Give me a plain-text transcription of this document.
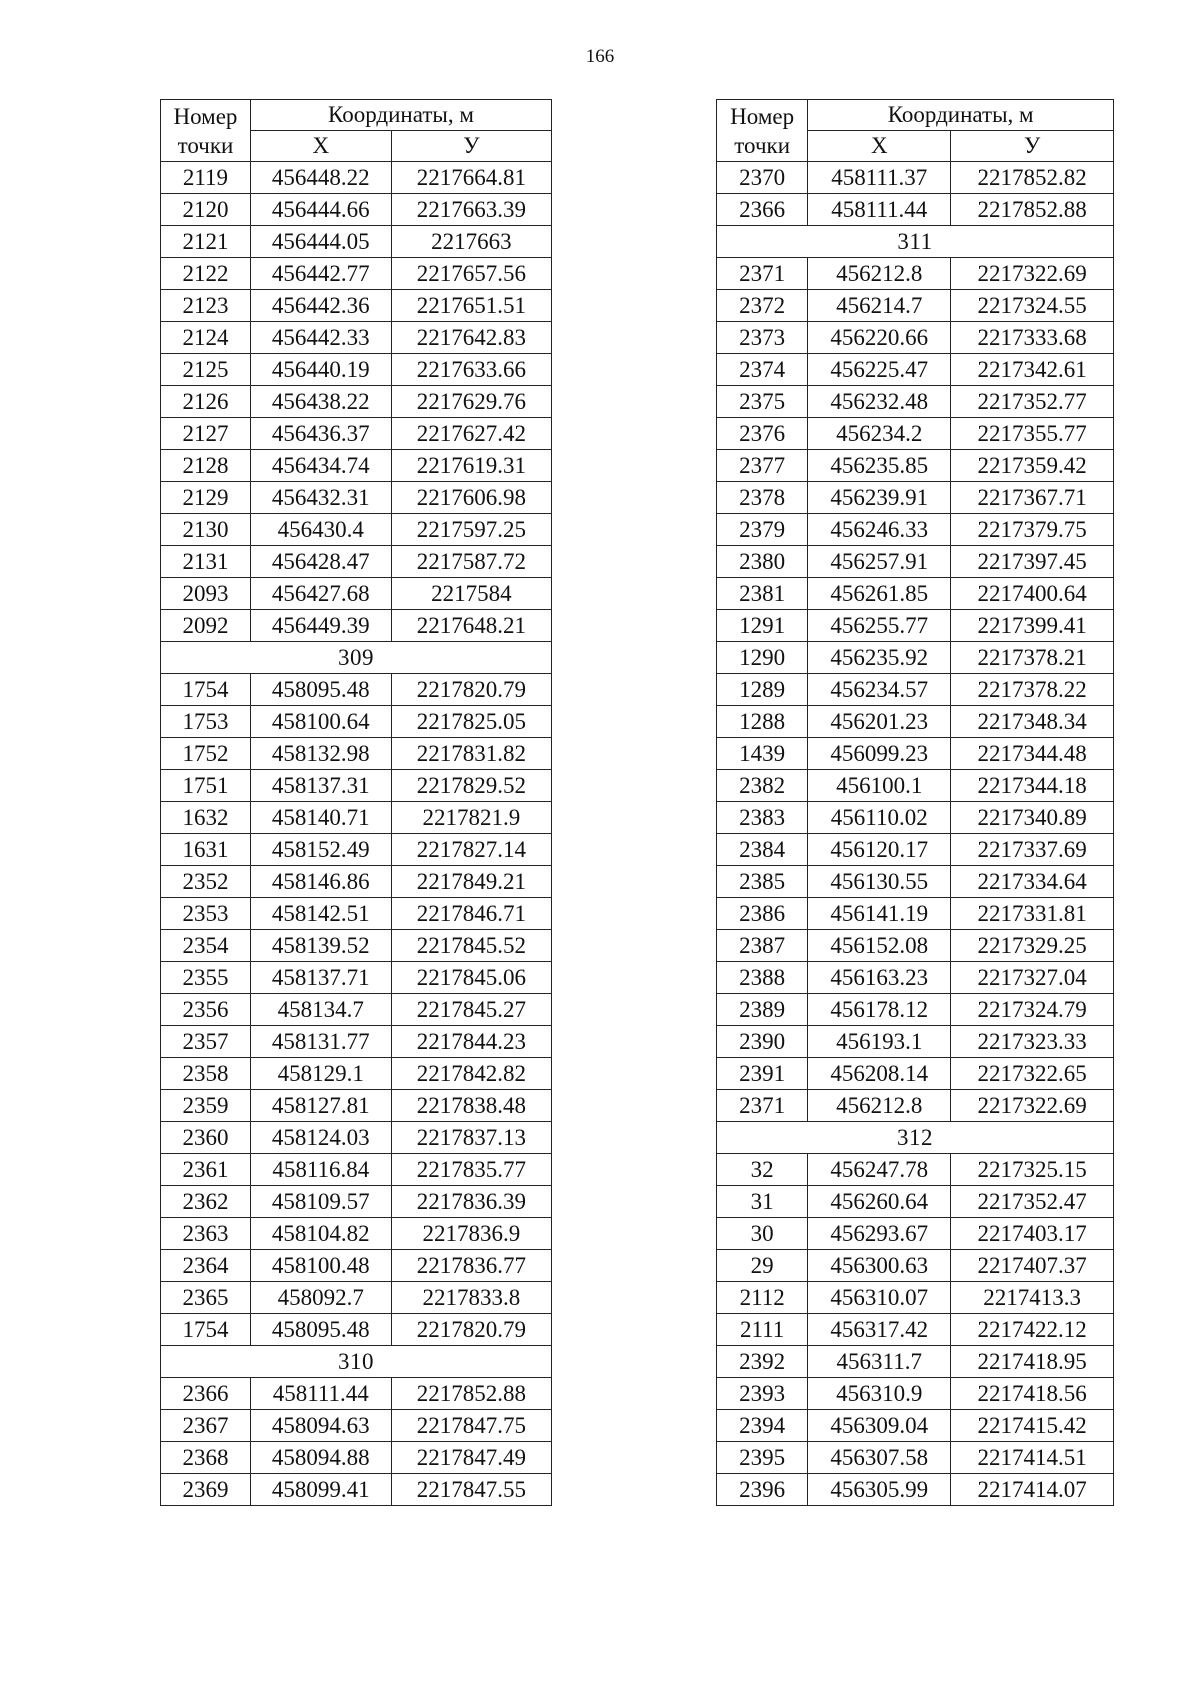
166
Номер
точки	Координаты, м	
	Х	У
2119	456448.22	2217664.81
2120	456444.66	2217663.39
2121	456444.05	2217663
2122	456442.77	2217657.56
2123	456442.36	2217651.51
2124	456442.33	2217642.83
2125	456440.19	2217633.66
2126	456438.22	2217629.76
2127	456436.37	2217627.42
2128	456434.74	2217619.31
2129	456432.31	2217606.98
2130	456430.4	2217597.25
2131	456428.47	2217587.72
2093	456427.68	2217584
2092	456449.39	2217648.21
309		
1754	458095.48	2217820.79
1753	458100.64	2217825.05
1752	458132.98	2217831.82
1751	458137.31	2217829.52
1632	458140.71	2217821.9
1631	458152.49	2217827.14
2352	458146.86	2217849.21
2353	458142.51	2217846.71
2354	458139.52	2217845.52
2355	458137.71	2217845.06
2356	458134.7	2217845.27
2357	458131.77	2217844.23
2358	458129.1	2217842.82
2359	458127.81	2217838.48
2360	458124.03	2217837.13
2361	458116.84	2217835.77
2362	458109.57	2217836.39
2363	458104.82	2217836.9
2364	458100.48	2217836.77
2365	458092.7	2217833.8
1754	458095.48	2217820.79
310		
2366	458111.44	2217852.88
2367	458094.63	2217847.75
2368	458094.88	2217847.49
2369	458099.41	2217847.55
Номер
точки	Координаты, м	
	Х	У
2370	458111.37	2217852.82
2366	458111.44	2217852.88
311		
2371	456212.8	2217322.69
2372	456214.7	2217324.55
2373	456220.66	2217333.68
2374	456225.47	2217342.61
2375	456232.48	2217352.77
2376	456234.2	2217355.77
2377	456235.85	2217359.42
2378	456239.91	2217367.71
2379	456246.33	2217379.75
2380	456257.91	2217397.45
2381	456261.85	2217400.64
1291	456255.77	2217399.41
1290	456235.92	2217378.21
1289	456234.57	2217378.22
1288	456201.23	2217348.34
1439	456099.23	2217344.48
2382	456100.1	2217344.18
2383	456110.02	2217340.89
2384	456120.17	2217337.69
2385	456130.55	2217334.64
2386	456141.19	2217331.81
2387	456152.08	2217329.25
2388	456163.23	2217327.04
2389	456178.12	2217324.79
2390	456193.1	2217323.33
2391	456208.14	2217322.65
2371	456212.8	2217322.69
312		
32	456247.78	2217325.15
31	456260.64	2217352.47
30	456293.67	2217403.17
29	456300.63	2217407.37
2112	456310.07	2217413.3
2111	456317.42	2217422.12
2392	456311.7	2217418.95
2393	456310.9	2217418.56
2394	456309.04	2217415.42
2395	456307.58	2217414.51
2396	456305.99	2217414.07
